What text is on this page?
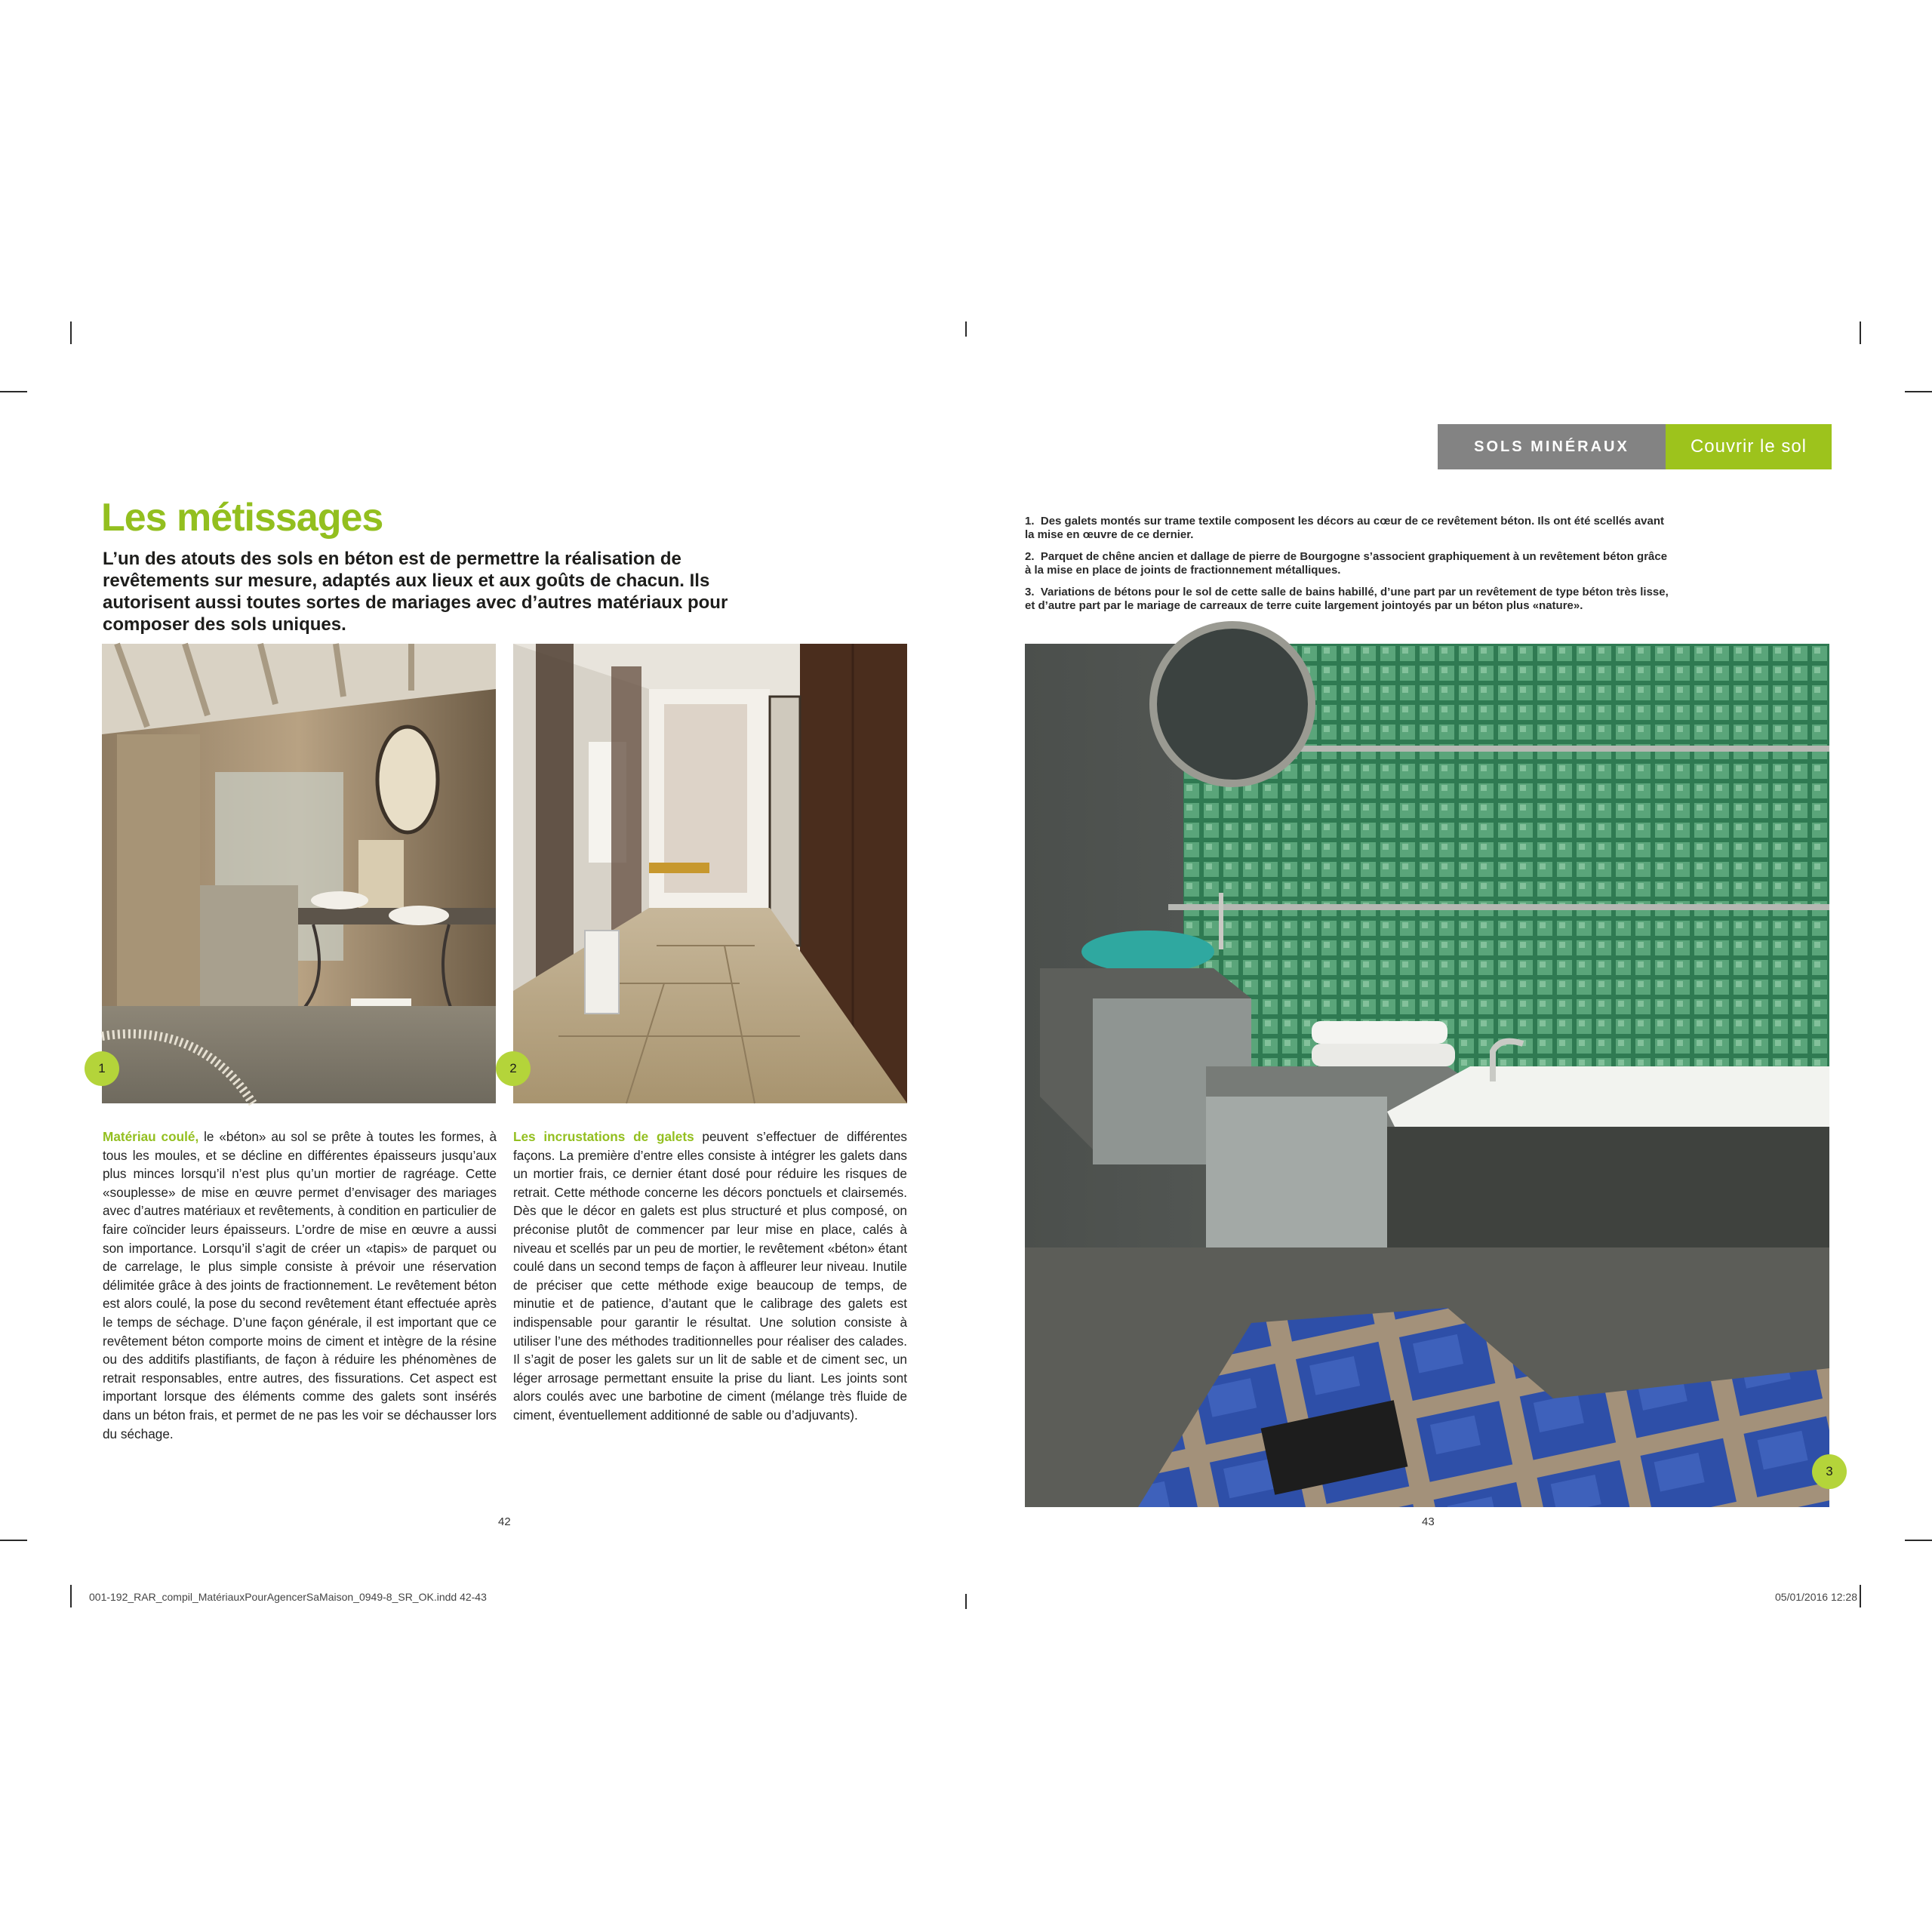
SOLS MINÉRAUX	Couvrir le sol
Les métissages
L’un des atouts des sols en béton est de permettre la réalisation de revêtements sur mesure, adaptés aux lieux et aux goûts de chacun. Ils autorisent aussi toutes sortes de mariages avec d’autres matériaux pour composer des sols uniques.
1	2
Matériau coulé, le «béton» au sol se prête à toutes les formes, à tous les moules, et se décline en différentes épaisseurs jusqu’aux plus minces lorsqu’il n’est plus qu’un mortier de ragréage. Cette «souplesse» de mise en œuvre permet d’envisager des mariages avec d’autres matériaux et revêtements, à condition en particulier de faire coïncider leurs épaisseurs. L’ordre de mise en œuvre a aussi son importance. Lorsqu’il s’agit de créer un «tapis» de parquet ou de carrelage, le plus simple consiste à prévoir une réservation délimitée grâce à des joints de fractionnement. Le revêtement béton est alors coulé, la pose du second revêtement étant effectuée après le temps de séchage. D’une façon générale, il est important que ce revêtement béton comporte moins de ciment et intègre de la résine ou des additifs plastifiants, de façon à réduire les phénomènes de retrait responsables, entre autres, des fissurations. Cet aspect est important lorsque des éléments comme des galets sont insérés dans un béton frais, et permet de ne pas les voir se déchausser lors du séchage.
Les incrustations de galets peuvent s’effectuer de différentes façons. La première d’entre elles consiste à intégrer les galets dans un mortier frais, ce dernier étant dosé pour réduire les risques de retrait. Cette méthode concerne les décors ponctuels et clairsemés. Dès que le décor en galets est plus structuré et plus composé, on préconise plutôt de commencer par leur mise en place, calés à niveau et scellés par un peu de mortier, le revêtement «béton» étant coulé dans un second temps de façon à affleurer leur niveau. Inutile de préciser que cette méthode exige beaucoup de temps, de minutie et de patience, d’autant que le calibrage des galets est indispensable pour garantir le résultat. Une solution consiste à utiliser l’une des méthodes traditionnelles pour réaliser des calades. Il s’agit de poser les galets sur un lit de sable et de ciment sec, un léger arrosage permettant ensuite la prise du liant. Les joints sont alors coulés avec une barbotine de ciment (mélange très fluide de ciment, éventuellement additionné de sable ou d’adjuvants).
1. Des galets montés sur trame textile composent les décors au cœur de ce revêtement béton. Ils ont été scellés avant la mise en œuvre de ce dernier.
2. Parquet de chêne ancien et dallage de pierre de Bourgogne s’associent graphiquement à un revêtement béton grâce à la mise en place de joints de fractionnement métalliques.
3. Variations de bétons pour le sol de cette salle de bains habillé, d’une part par un revêtement de type béton très lisse, et d’autre part par le mariage de carreaux de terre cuite largement jointoyés par un béton plus «nature».
3
42	43
001-192_RAR_compil_MatériauxPourAgencerSaMaison_0949-8_SR_OK.indd 42-43	05/01/2016 12:28
